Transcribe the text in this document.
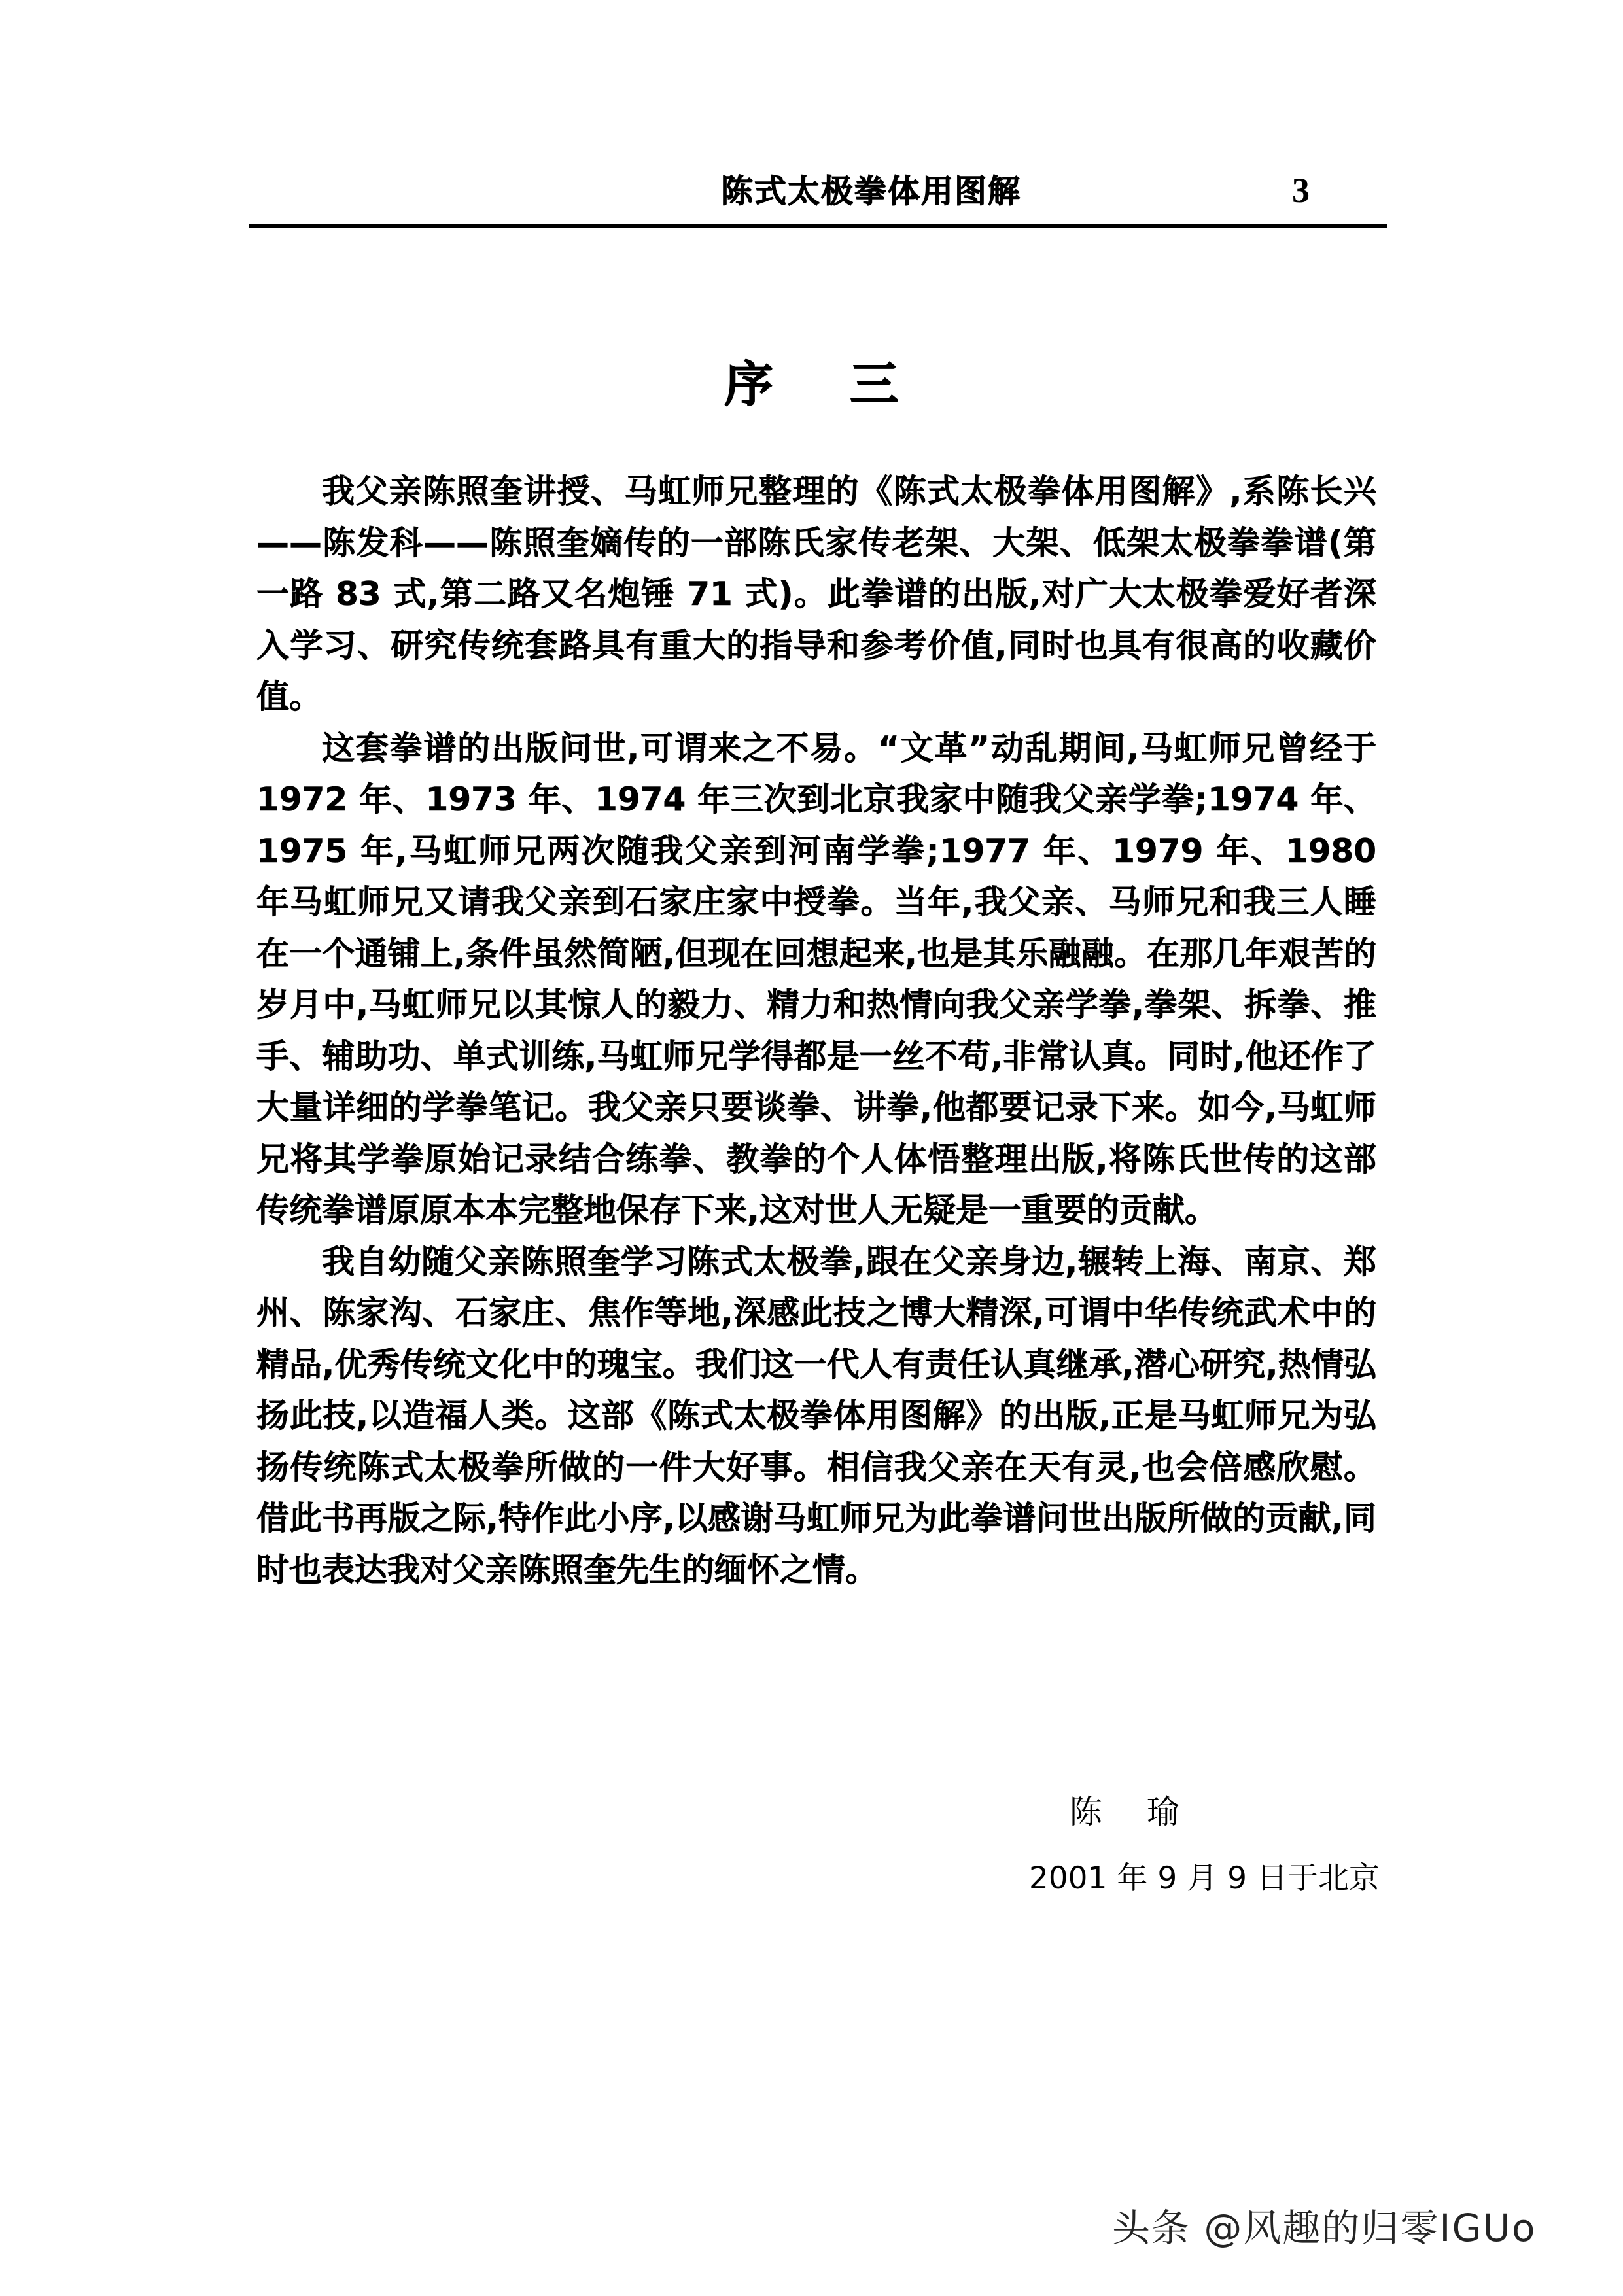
陈式太极拳体用图解	3
序 三

我父亲陈照奎讲授、马虹师兄整理的《陈式太极拳体用图解》,系陈长兴——陈发科——陈照奎嫡传的一部陈氏家传老架、大架、低架太极拳拳谱(第一路 83 式,第二路又名炮锤 71 式)。此拳谱的出版,对广大太极拳爱好者深入学习、研究传统套路具有重大的指导和参考价值,同时也具有很高的收藏价值。

这套拳谱的出版问世,可谓来之不易。“文革”动乱期间,马虹师兄曾经于 1972 年、1973 年、1974 年三次到北京我家中随我父亲学拳;1974 年、1975 年,马虹师兄两次随我父亲到河南学拳;1977 年、1979 年、1980 年马虹师兄又请我父亲到石家庄家中授拳。当年,我父亲、马师兄和我三人睡在一个通铺上,条件虽然简陋,但现在回想起来,也是其乐融融。在那几年艰苦的岁月中,马虹师兄以其惊人的毅力、精力和热情向我父亲学拳,拳架、拆拳、推手、辅助功、单式训练,马虹师兄学得都是一丝不苟,非常认真。同时,他还作了大量详细的学拳笔记。我父亲只要谈拳、讲拳,他都要记录下来。如今,马虹师兄将其学拳原始记录结合练拳、教拳的个人体悟整理出版,将陈氏世传的这部传统拳谱原原本本完整地保存下来,这对世人无疑是一重要的贡献。

我自幼随父亲陈照奎学习陈式太极拳,跟在父亲身边,辗转上海、南京、郑州、陈家沟、石家庄、焦作等地,深感此技之博大精深,可谓中华传统武术中的精品,优秀传统文化中的瑰宝。我们这一代人有责任认真继承,潜心研究,热情弘扬此技,以造福人类。这部《陈式太极拳体用图解》的出版,正是马虹师兄为弘扬传统陈式太极拳所做的一件大好事。相信我父亲在天有灵,也会倍感欣慰。借此书再版之际,特作此小序,以感谢马虹师兄为此拳谱问世出版所做的贡献,同时也表达我对父亲陈照奎先生的缅怀之情。

陈 瑜
2001 年 9 月 9 日于北京
头条 @风趣的归零IGUo
